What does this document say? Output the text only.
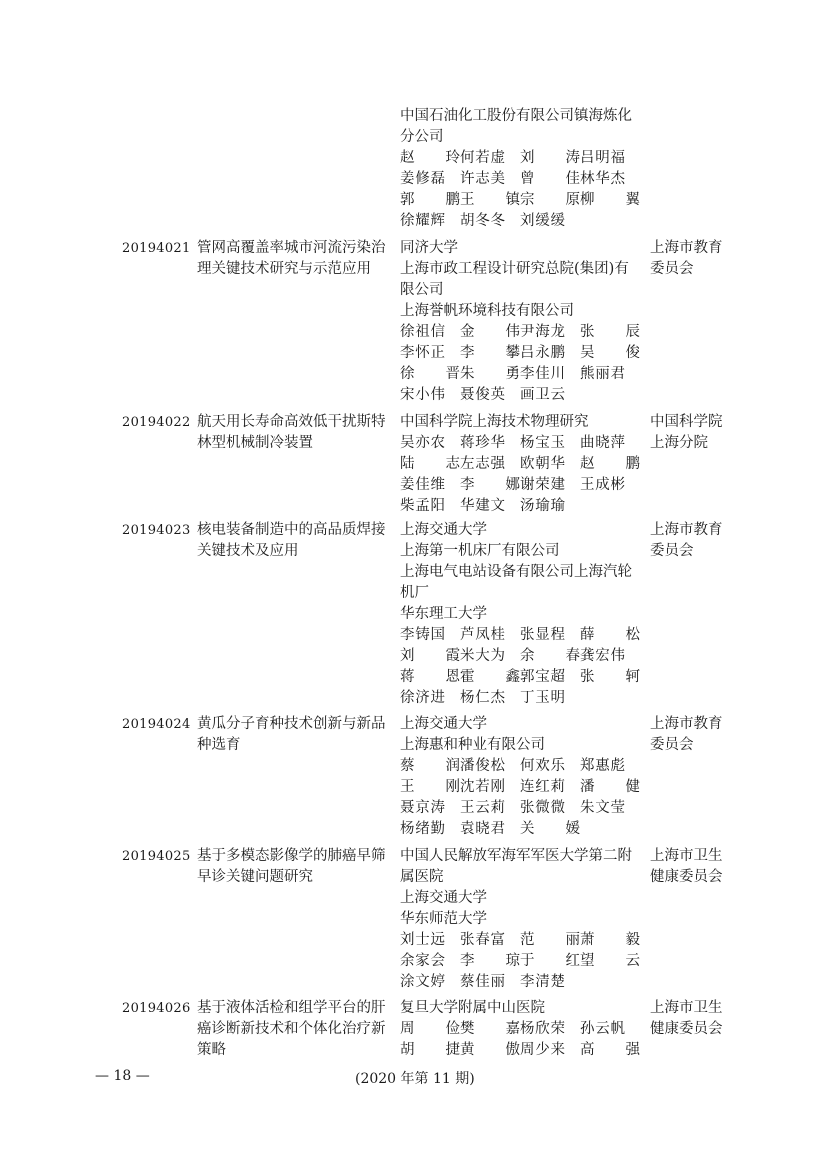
— 18 —	(2020 年第 11 期)
中国石油化工股份有限公司镇海炼化
分公司
赵　玲 何若虚 刘　涛 吕明福
姜修磊 许志美 曾　佳 林华杰
郭　鹏 王　镇 宗　原 柳　翼
徐耀辉 胡冬冬 刘缓缓
20194021 管网高覆盖率城市河流污染治
理关键技术研究与示范应用
同济大学
上海市政工程设计研究总院(集团)有
限公司
上海誉帆环境科技有限公司
徐祖信 金　伟 尹海龙 张　辰
李怀正 李　攀 吕永鹏 吴　俊
徐　晋 朱　勇 李佳川 熊丽君
宋小伟 聂俊英 画卫云
上海市教育
委员会
20194022 航天用长寿命高效低干扰斯特
林型机械制冷装置
中国科学院上海技术物理研究
吴亦农 蒋珍华 杨宝玉 曲晓萍
陆　志 左志强 欧朝华 赵　鹏
姜佳维 李　娜 谢荣建 王成彬
柴孟阳 华建文 汤瑜瑜
中国科学院
上海分院
20194023 核电装备制造中的高品质焊接
关键技术及应用
上海交通大学
上海第一机床厂有限公司
上海电气电站设备有限公司上海汽轮
机厂
华东理工大学
李铸国 芦凤桂 张显程 薛　松
刘　霞 米大为 余　春 龚宏伟
蒋　恩 霍　鑫 郭宝超 张　轲
徐济进 杨仁杰 丁玉明
上海市教育
委员会
20194024 黄瓜分子育种技术创新与新品
种选育
上海交通大学
上海惠和种业有限公司
蔡　润 潘俊松 何欢乐 郑惠彪
王　刚 沈若刚 连红莉 潘　健
聂京涛 王云莉 张微微 朱文莹
杨绪勤 袁晓君 关　媛
上海市教育
委员会
20194025 基于多模态影像学的肺癌早筛
早诊关键问题研究
中国人民解放军海军军医大学第二附
属医院
上海交通大学
华东师范大学
刘士远 张春富 范　丽 萧　毅
余家会 李　琼 于　红 望　云
涂文婷 蔡佳丽 李清楚
上海市卫生
健康委员会
20194026 基于液体活检和组学平台的肝
癌诊断新技术和个体化治疗新
策略
复旦大学附属中山医院
周　俭 樊　嘉 杨欣荣 孙云帆
胡　捷 黄　傲 周少来 高　强
上海市卫生
健康委员会
